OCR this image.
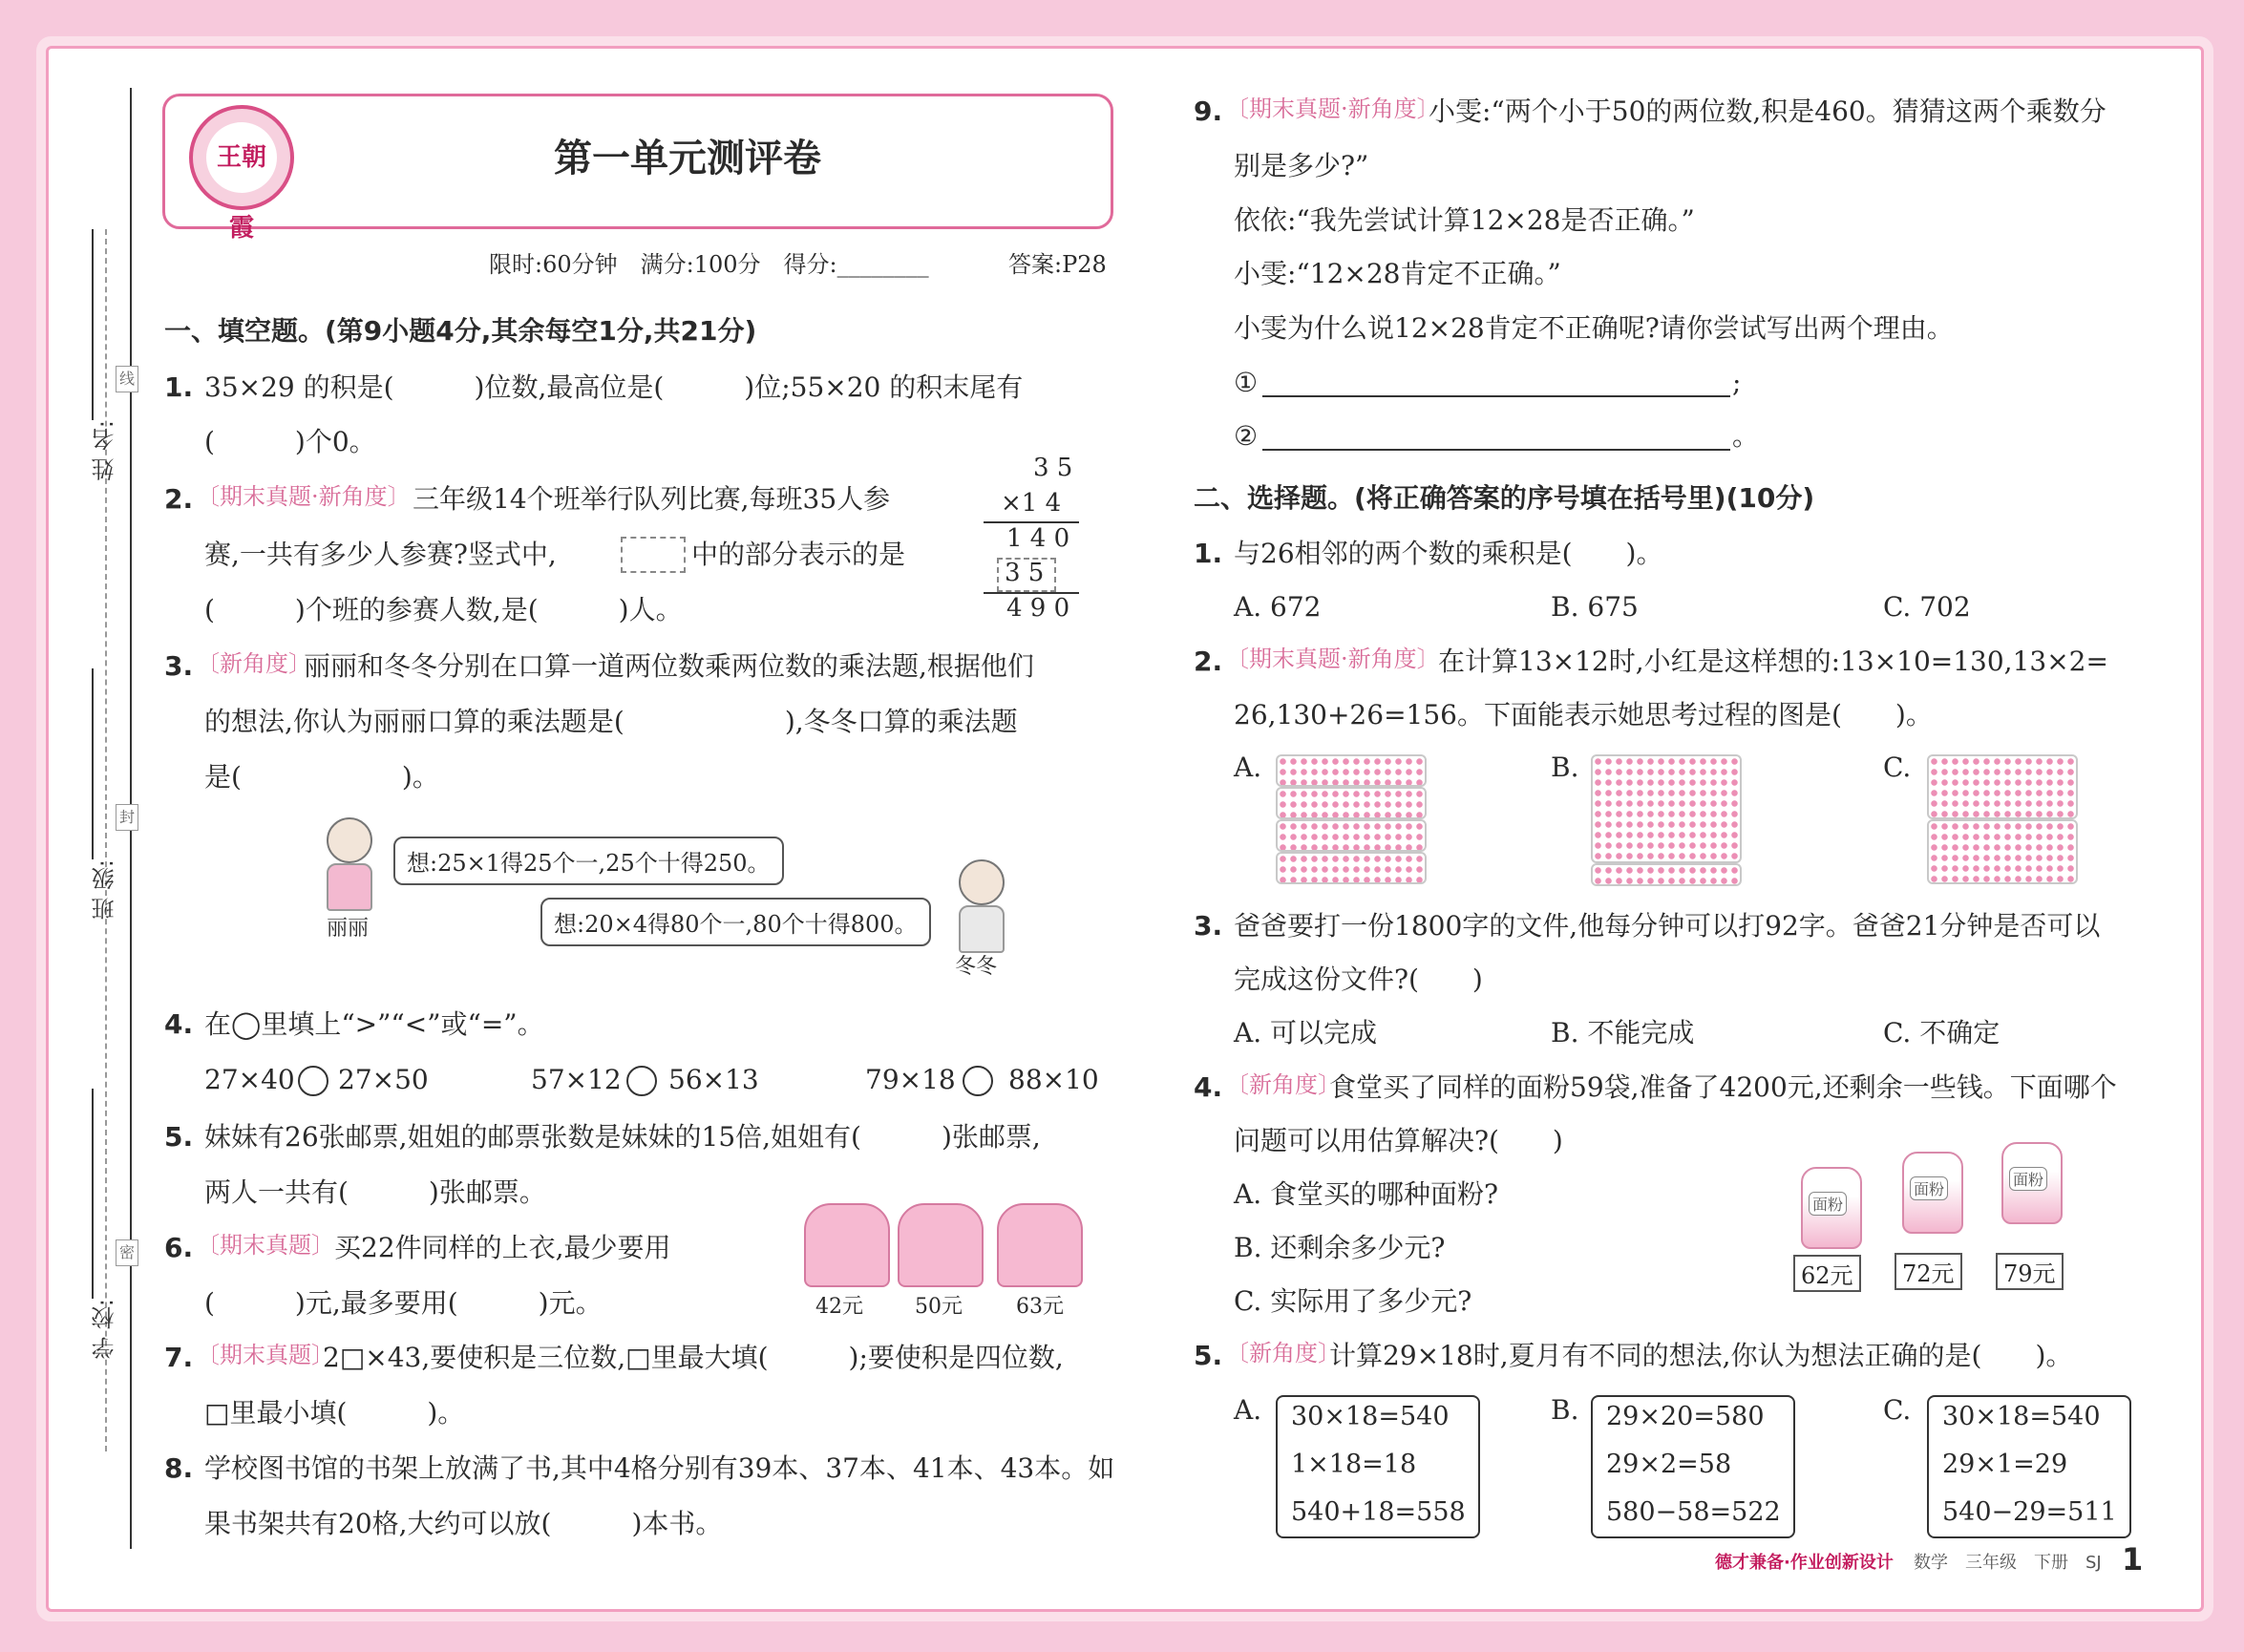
姓 名:
线
班 级:
封
学 校:
密
王朝霞
第一单元测评卷
限时:60分钟　满分:100分　得分:________	答案:P28
一、填空题。(第9小题4分,其余每空1分,共21分)
1. 35×29 的积是(　　　)位数,最高位是(　　　)位;55×20 的积末尾有
(　　　)个0。
2. 〔期末真题·新角度〕 三年级14个班举行队列比赛,每班35人参
赛,一共有多少人参赛?竖式中,	中的部分表示的是
(　　　)个班的参赛人数,是(　　　)人。
3 5
×1 4
1 4 0
3 5
4 9 0
3. 〔新角度〕
丽丽和冬冬分别在口算一道两位数乘两位数的乘法题,根据他们
的想法,你认为丽丽口算的乘法题是(　　　　　　),冬冬口算的乘法题
是(　　　　　　)。
丽丽
想:25×1得25个一,25个十得250。
想:20×4得80个一,80个十得800。
冬冬
4. 在◯里填上“>”“<”或“=”。
27×40 27×50	57×12 56×13	79×18 88×10
5. 妹妹有26张邮票,姐姐的邮票张数是妹妹的15倍,姐姐有(　　　)张邮票,
两人一共有(　　　)张邮票。
6. 〔期末真题〕 买22件同样的上衣,最少要用
(　　　)元,最多要用(　　　)元。	42元 50元	63元
7. 〔期末真题〕
2□×43,要使积是三位数,□里最大填(　　　);要使积是四位数,
□里最小填(　　　)。
8. 学校图书馆的书架上放满了书,其中4格分别有39本、37本、41本、43本。如
果书架共有20格,大约可以放(　　　)本书。
9. 〔期末真题·新角度〕
小雯:“两个小于50的两位数,积是460。猜猜这两个乘数分
别是多少?”
依依:“我先尝试计算12×28是否正确。”
小雯:“12×28肯定不正确。”
小雯为什么说12×28肯定不正确呢?请你尝试写出两个理由。
①	;
②	。
二、选择题。(将正确答案的序号填在括号里)(10分)
1. 与26相邻的两个数的乘积是(　　)。
A. 672	B. 675	C. 702
2. 〔期末真题·新角度〕
在计算13×12时,小红是这样想的:13×10=130,13×2=
26,130+26=156。下面能表示她思考过程的图是(　　)。
A.	B.	C.
3. 爸爸要打一份1800字的文件,他每分钟可以打92字。爸爸21分钟是否可以
完成这份文件?(　　)
A. 可以完成	B. 不能完成	C. 不确定
4. 〔新角度〕
食堂买了同样的面粉59袋,准备了4200元,还剩余一些钱。下面哪个
问题可以用估算解决?(　　)
A. 食堂买的哪种面粉?
B. 还剩余多少元?
C. 实际用了多少元?
面粉
面粉
面粉
62元	72元	79元
5. 〔新角度〕
计算29×18时,夏月有不同的想法,你认为想法正确的是(　　)。
A. 30×18=540
1×18=18
540+18=558
B. 29×20=580
29×2=58
580−58=522
C. 30×18=540
29×1=29
540−29=511
德才兼备·作业创新设计 数学　三年级　下册　SJ 1
